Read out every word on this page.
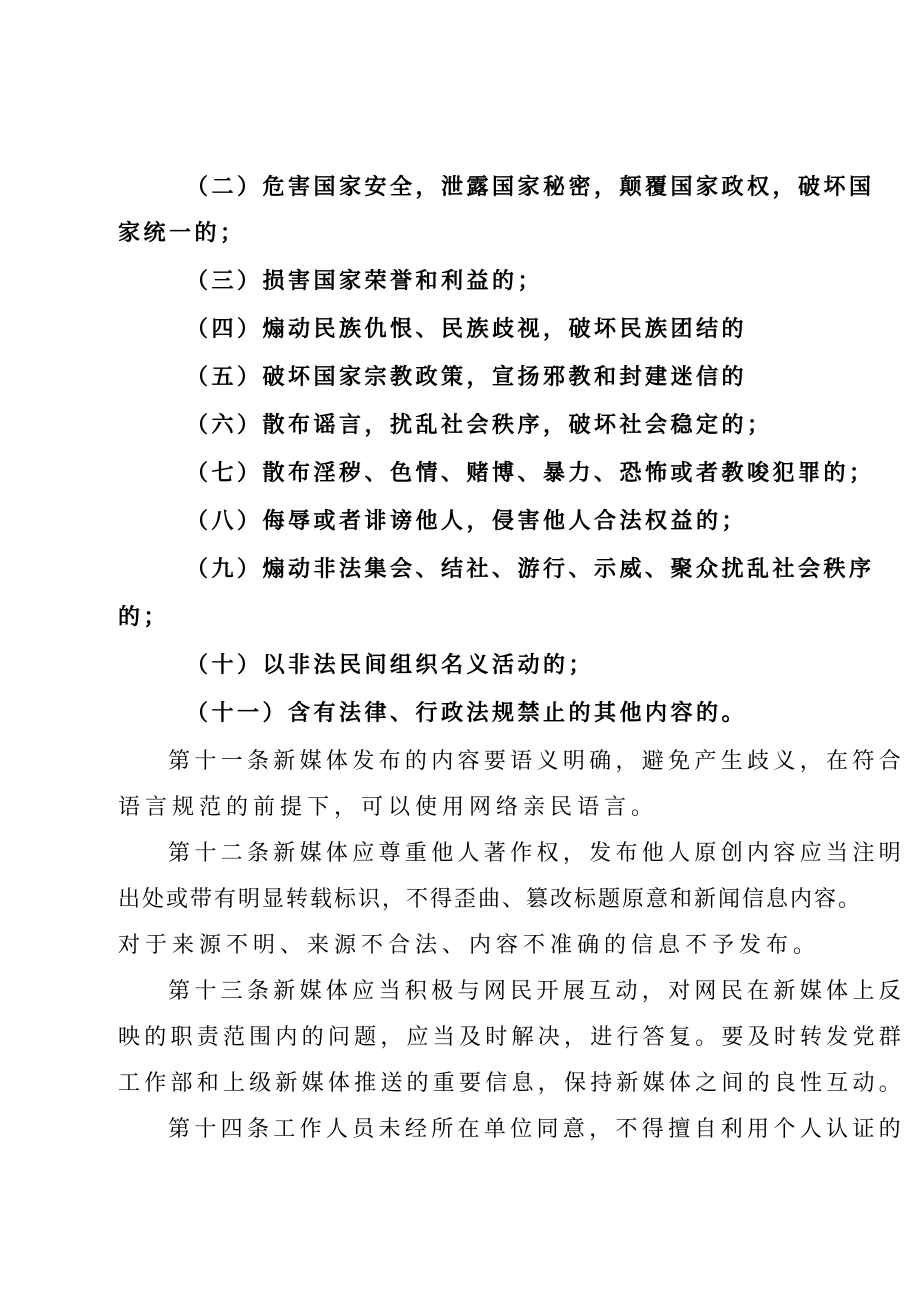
（二）危害国家安全，泄露国家秘密，颠覆国家政权，破坏国
家统一的；
（三）损害国家荣誉和利益的；
（四）煽动民族仇恨、民族歧视，破坏民族团结的
（五）破坏国家宗教政策，宣扬邪教和封建迷信的
（六）散布谣言，扰乱社会秩序，破坏社会稳定的；
（七）散布淫秽、色情、赌博、暴力、恐怖或者教唆犯罪的；
（八）侮辱或者诽谤他人，侵害他人合法权益的；
（九）煽动非法集会、结社、游行、示威、聚众扰乱社会秩序
的；
（十）以非法民间组织名义活动的；
（十一）含有法律、行政法规禁止的其他内容的。
第十一条新媒体发布的内容要语义明确，避免产生歧义，在符合
语言规范的前提下，可以使用网络亲民语言。
第十二条新媒体应尊重他人著作权，发布他人原创内容应当注明
出处或带有明显转载标识，不得歪曲、篡改标题原意和新闻信息内容。
对于来源不明、来源不合法、内容不准确的信息不予发布。
第十三条新媒体应当积极与网民开展互动，对网民在新媒体上反
映的职责范围内的问题，应当及时解决，进行答复。要及时转发党群
工作部和上级新媒体推送的重要信息，保持新媒体之间的良性互动。
第十四条工作人员未经所在单位同意，不得擅自利用个人认证的
